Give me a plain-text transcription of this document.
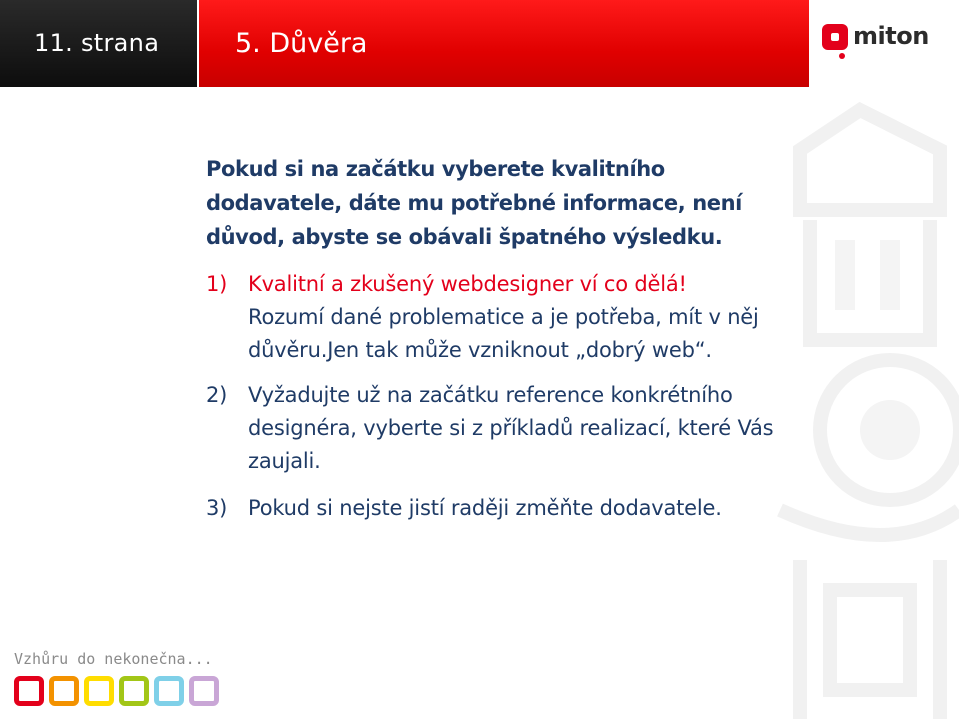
11. strana	5. Důvěra	miton
Pokud si na začátku vyberete kvalitního dodavatele, dáte mu potřebné informace, není důvod, abyste se obávali špatného výsledku.
1) Kvalitní a zkušený webdesigner ví co dělá!
Rozumí dané problematice a je potřeba, mít v něj důvěru.Jen tak může vzniknout „dobrý web“.
2) Vyžadujte už na začátku reference konkrétního designéra, vyberte si z příkladů realizací, které Vás zaujali.
3) Pokud si nejste jistí raději změňte dodavatele.
Vzhůru do nekonečna...
